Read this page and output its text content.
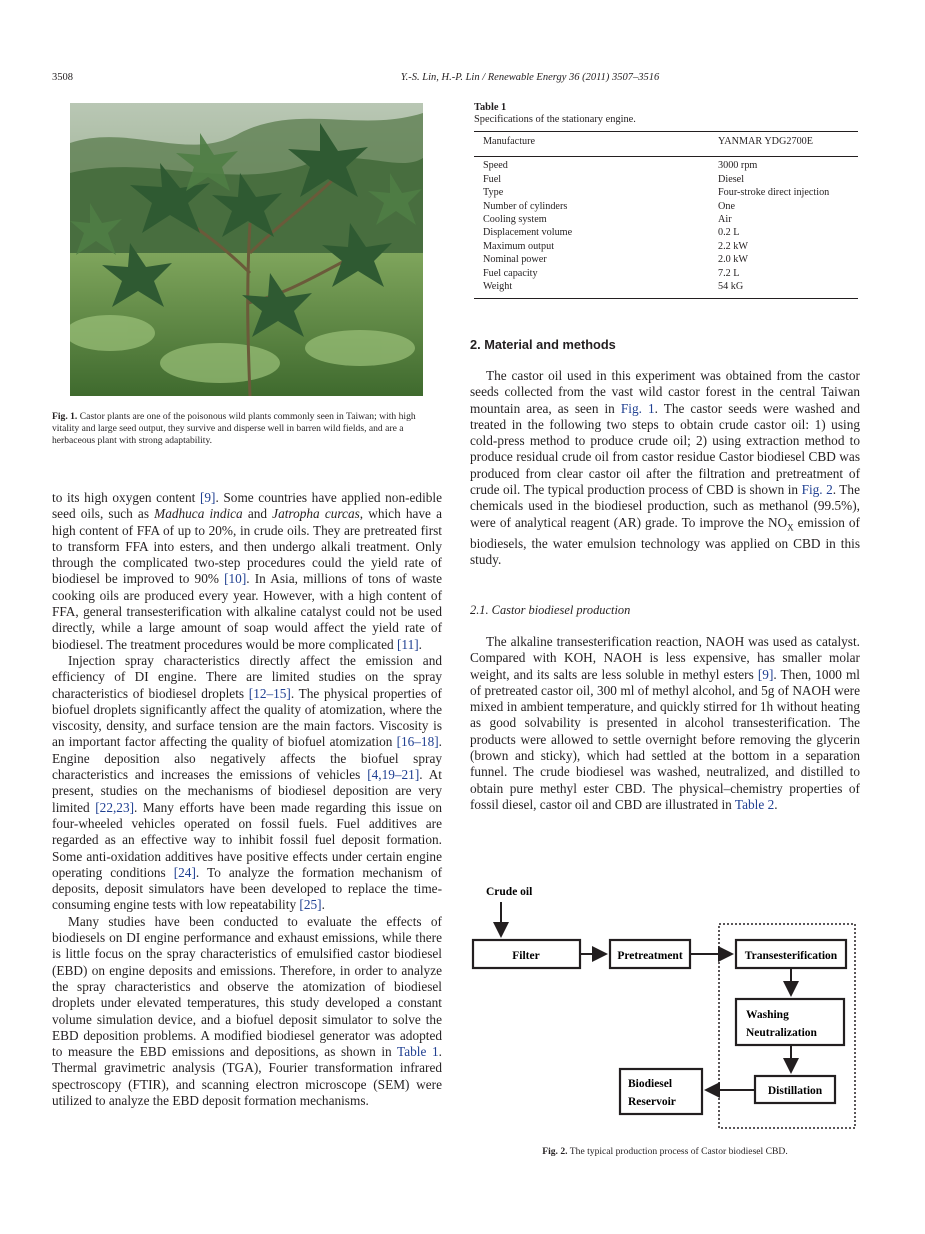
3508	Y.-S. Lin, H.-P. Lin / Renewable Energy 36 (2011) 3507–3516
Fig. 1. Castor plants are one of the poisonous wild plants commonly seen in Taiwan; with high vitality and large seed output, they survive and disperse well in barren wild fields, and are a herbaceous plant with strong adaptability.
Table 1
Specifications of the stationary engine.
Manufacture	YANMAR YDG2700E
Speed	3000 rpm
Fuel	Diesel
Type	Four-stroke direct injection
Number of cylinders	One
Cooling system	Air
Displacement volume	0.2 L
Maximum output	2.2 kW
Nominal power	2.0 kW
Fuel capacity	7.2 L
Weight	54 kG
2. Material and methods

to its high oxygen content [9]. Some countries have applied non-edible seed oils, such as Madhuca indica and Jatropha curcas, which have a high content of FFA of up to 20%, in crude oils. They are pretreated first to transform FFA into esters, and then undergo alkali treatment. Only through the complicated two-step procedures could the yield rate of biodiesel be improved to 90% [10]. In Asia, millions of tons of waste cooking oils are produced every year. However, with a high content of FFA, general transesterification with alkaline catalyst could not be used directly, while a large amount of soap would affect the yield rate of biodiesel. The treatment procedures would be more complicated [11].

Injection spray characteristics directly affect the emission and efficiency of DI engine. There are limited studies on the spray characteristics of biodiesel droplets [12–15]. The physical properties of biofuel droplets significantly affect the quality of atomization, where the viscosity, density, and surface tension are the main factors. Viscosity is an important factor affecting the quality of biofuel atomization [16–18]. Engine deposition also negatively affects the biofuel spray characteristics and increases the emissions of vehicles [4,19–21]. At present, studies on the mechanisms of biodiesel deposition are very limited [22,23]. Many efforts have been made regarding this issue on four-wheeled vehicles operated on fossil fuels. Fuel additives are regarded as an effective way to inhibit fossil fuel deposit formation. Some anti-oxidation additives have positive effects under certain engine operating conditions [24]. To analyze the formation mechanism of deposits, deposit simulators have been developed to replace the time-consuming engine tests with low repeatability [25].

Many studies have been conducted to evaluate the effects of biodiesels on DI engine performance and exhaust emissions, while there is little focus on the spray characteristics of emulsified castor biodiesel (EBD) on engine deposits and emissions. Therefore, in order to analyze the spray characteristics and observe the atomization of biodiesel droplets under elevated temperatures, this study developed a constant volume simulation device, and a biofuel deposit simulator to solve the EBD deposition problems. A modified biodiesel generator was adopted to measure the EBD emissions and depositions, as shown in Table 1. Thermal gravimetric analysis (TGA), Fourier transformation infrared spectroscopy (FTIR), and scanning electron microscope (SEM) were utilized to analyze the EBD deposit formation mechanisms.

The castor oil used in this experiment was obtained from the castor seeds collected from the vast wild castor forest in the central Taiwan mountain area, as seen in Fig. 1. The castor seeds were washed and treated in the following two steps to obtain crude castor oil: 1) using cold-press method to produce crude oil; 2) using extraction method to produce residual crude oil from castor residue Castor biodiesel CBD was produced from clear castor oil after the filtration and pretreatment of crude oil. The typical production process of CBD is shown in Fig. 2. The chemicals used in the biodiesel production, such as methanol (99.5%), were of analytical reagent (AR) grade. To improve the $NO_X$ emission of biodiesels, the water emulsion technology was applied on CBD in this study.

2.1. Castor biodiesel production

The alkaline transesterification reaction, NAOH was used as catalyst. Compared with KOH, NAOH is less expensive, has smaller molar weight, and its salts are less soluble in methyl esters [9]. Then, 1000 ml of pretreated castor oil, 300 ml of methyl alcohol, and 5g of NAOH were mixed in ambient temperature, and quickly stirred for 1h without heating as good solvability is presented in alcohol transesterification. The products were allowed to settle overnight before removing the glycerin (brown and sticky), which had settled at the bottom in a separation funnel. The crude biodiesel was washed, neutralized, and distilled to obtain pure methyl ester CBD. The physical–chemistry properties of fossil diesel, castor oil and CBD are illustrated in Table 2.

Crude oil
Filter	Pretreatment	Transesterification
Washing
Neutralization
Distillation
Biodiesel
Reservoir
Fig. 2. The typical production process of Castor biodiesel CBD.
